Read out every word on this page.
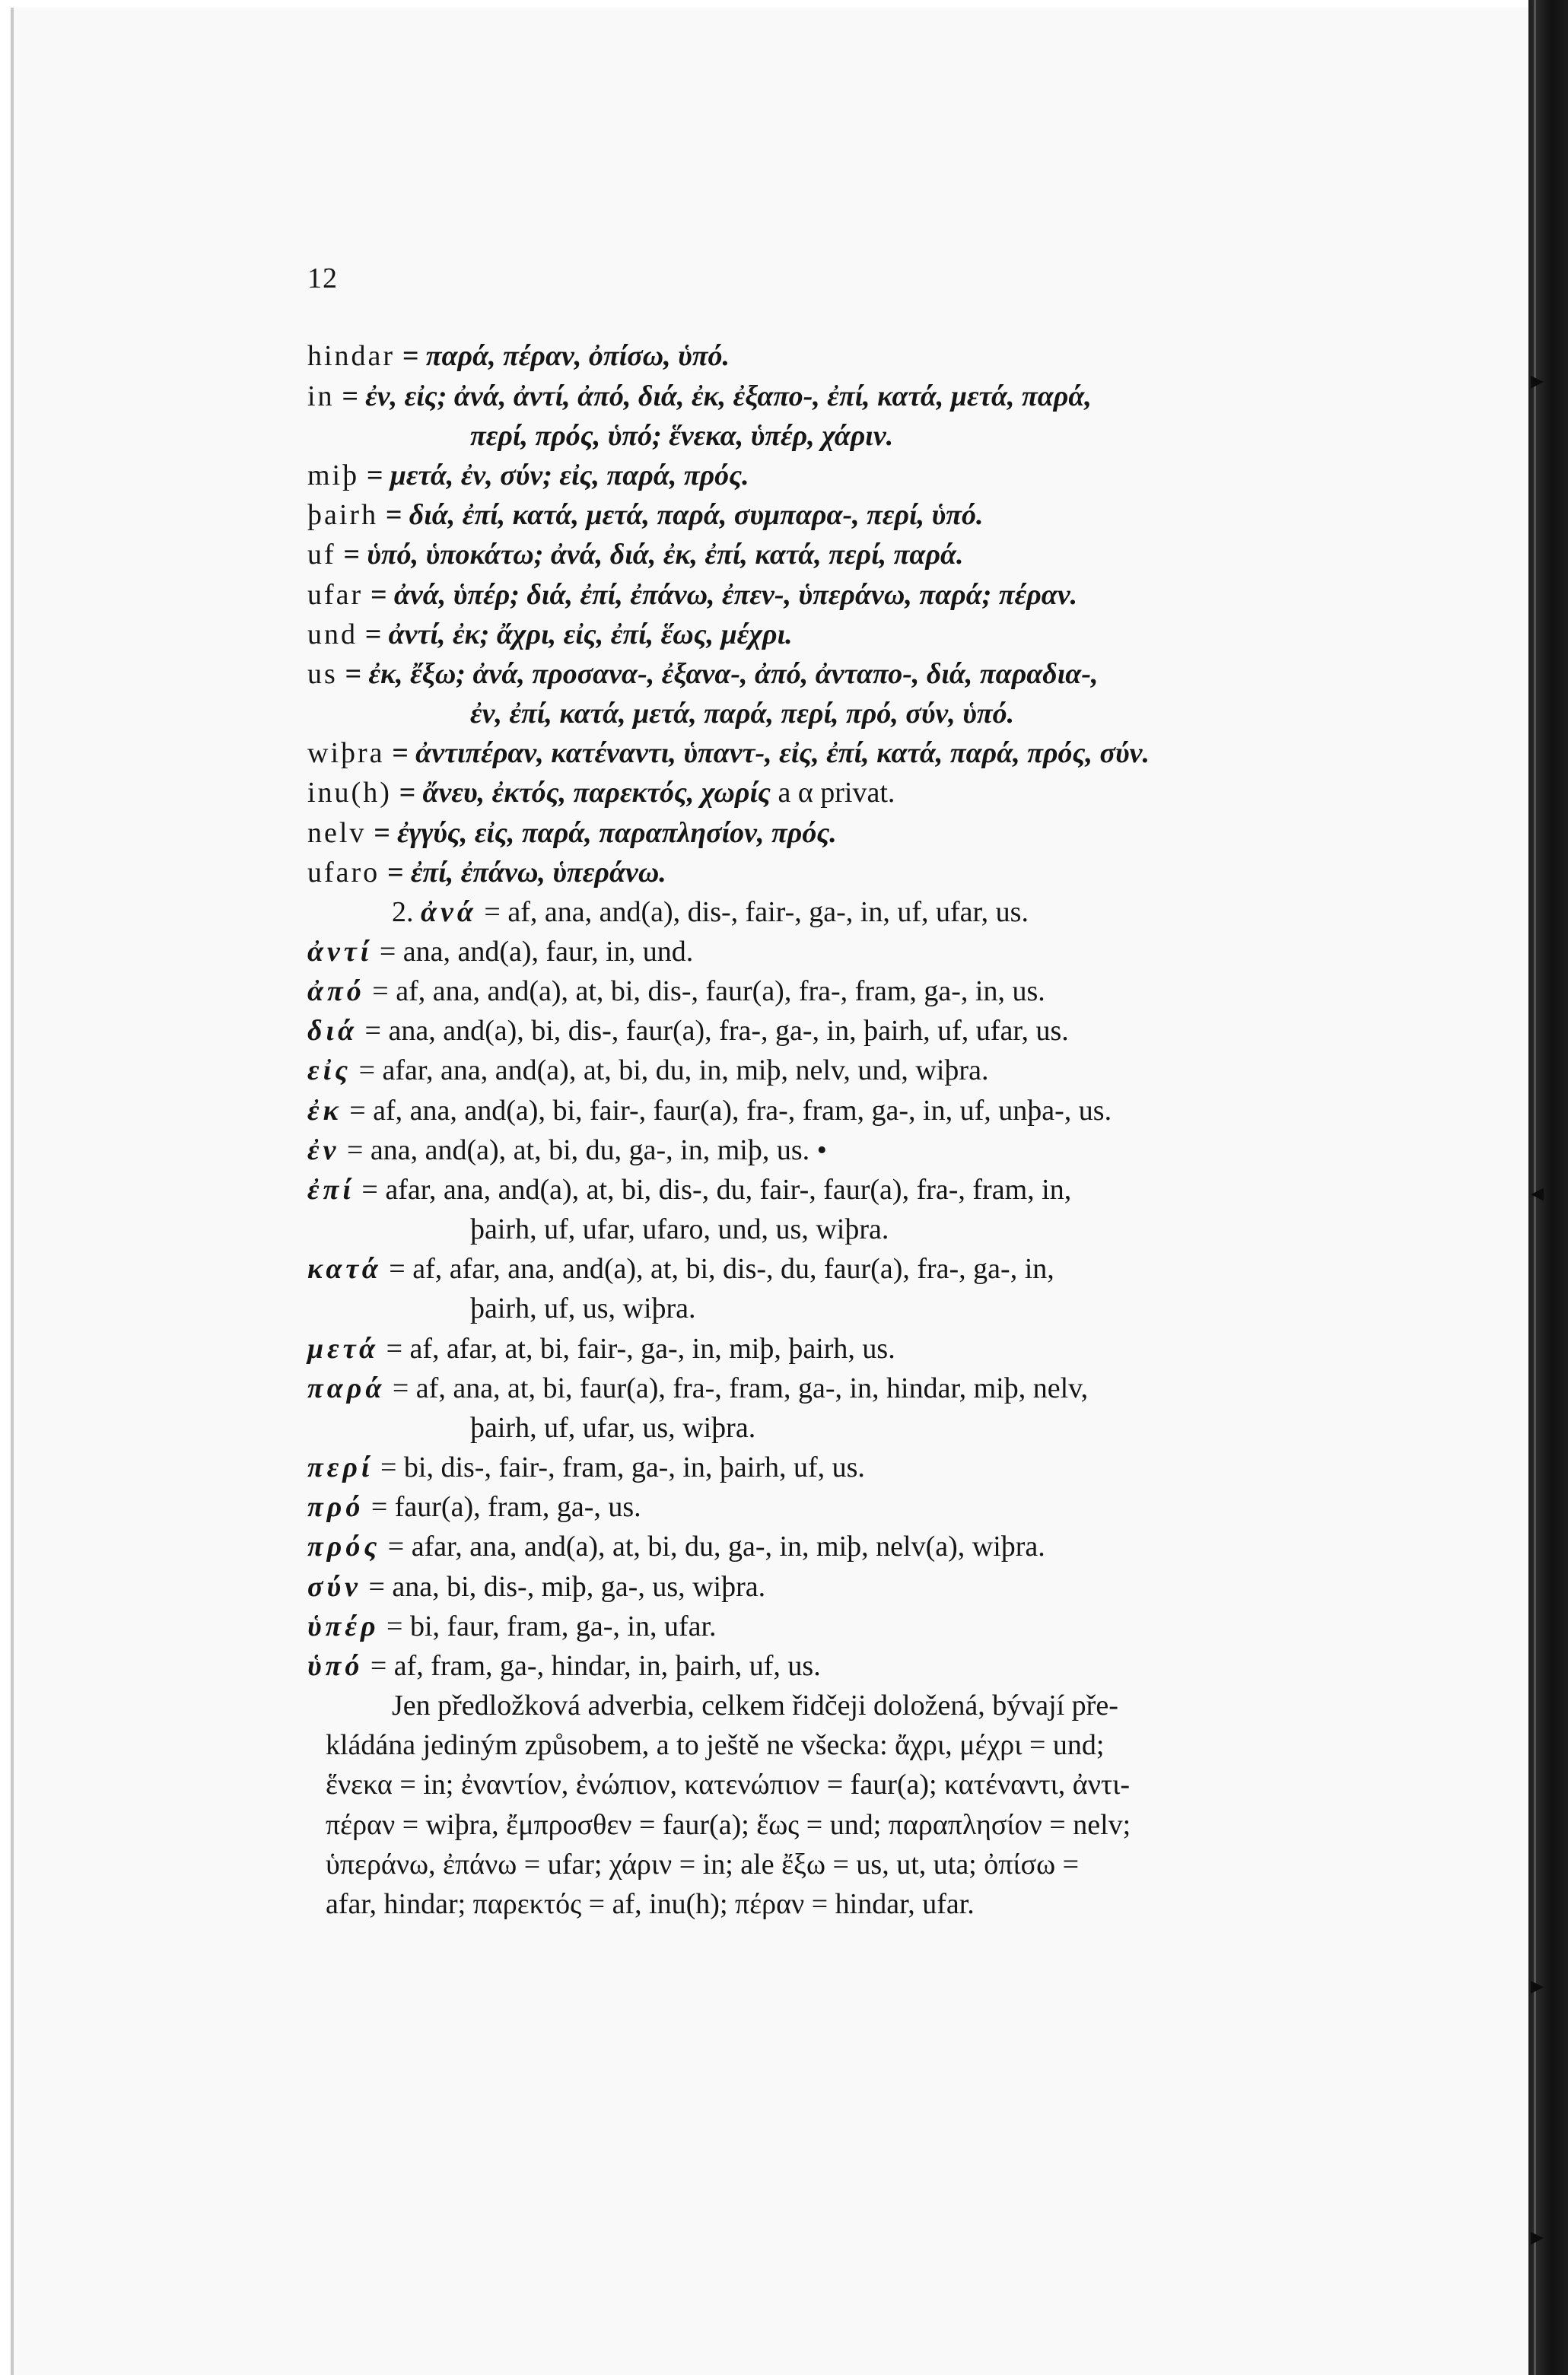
▸
◂
▸
▸
12
hindar = παρά, πέραν, ὀπίσω, ὑπό.
in = ἐν, εἰς; ἀνά, ἀντί, ἀπό, διά, ἐκ, ἐξαπο-, ἐπί, κατά, μετά, παρά,
περί, πρός, ὑπό; ἕνεκα, ὑπέρ, χάριν.
miþ = μετά, ἐν, σύν; εἰς, παρά, πρός.
þairh = διά, ἐπί, κατά, μετά, παρά, συμπαρα-, περί, ὑπό.
uf = ὑπό, ὑποκάτω; ἀνά, διά, ἐκ, ἐπί, κατά, περί, παρά.
ufar = ἀνά, ὑπέρ; διά, ἐπί, ἐπάνω, ἐπεν-, ὑπεράνω, παρά; πέραν.
und = ἀντί, ἐκ; ἄχρι, εἰς, ἐπί, ἕως, μέχρι.
us = ἐκ, ἔξω; ἀνά, προσανα-, ἐξανα-, ἀπό, ἀνταπο-, διά, παραδια-,
ἐν, ἐπί, κατά, μετά, παρά, περί, πρό, σύν, ὑπό.
wiþra = ἀντιπέραν, κατέναντι, ὑπαντ-, εἰς, ἐπί, κατά, παρά, πρός, σύν.
inu(h) = ἄνευ, ἐκτός, παρεκτός, χωρίς a α privat.
nelv = ἐγγύς, εἰς, παρά, παραπλησίον, πρός.
ufaro = ἐπί, ἐπάνω, ὑπεράνω.
2. ἀνά = af, ana, and(a), dis-, fair-, ga-, in, uf, ufar, us.
ἀντί = ana, and(a), faur, in, und.
ἀπό = af, ana, and(a), at, bi, dis-, faur(a), fra-, fram, ga-, in, us.
διά = ana, and(a), bi, dis-, faur(a), fra-, ga-, in, þairh, uf, ufar, us.
εἰς = afar, ana, and(a), at, bi, du, in, miþ, nelv, und, wiþra.
ἐκ = af, ana, and(a), bi, fair-, faur(a), fra-, fram, ga-, in, uf, unþa-, us.
ἐν = ana, and(a), at, bi, du, ga-, in, miþ, us. •
ἐπί = afar, ana, and(a), at, bi, dis-, du, fair-, faur(a), fra-, fram, in,
þairh, uf, ufar, ufaro, und, us, wiþra.
κατά = af, afar, ana, and(a), at, bi, dis-, du, faur(a), fra-, ga-, in,
þairh, uf, us, wiþra.
μετά = af, afar, at, bi, fair-, ga-, in, miþ, þairh, us.
παρά = af, ana, at, bi, faur(a), fra-, fram, ga-, in, hindar, miþ, nelv,
þairh, uf, ufar, us, wiþra.
περί = bi, dis-, fair-, fram, ga-, in, þairh, uf, us.
πρό = faur(a), fram, ga-, us.
πρός = afar, ana, and(a), at, bi, du, ga-, in, miþ, nelv(a), wiþra.
σύν = ana, bi, dis-, miþ, ga-, us, wiþra.
ὑπέρ = bi, faur, fram, ga-, in, ufar.
ὑπό = af, fram, ga-, hindar, in, þairh, uf, us.
Jen předložková adverbia, celkem řidčeji doložená, bývají pře-
kládána jediným způsobem, a to ještě ne všecka: ἄχρι, μέχρι = und;
ἕνεκα = in; ἐναντίον, ἐνώπιον, κατενώπιον = faur(a); κατέναντι, ἀντι-
πέραν = wiþra, ἔμπροσθεν = faur(a); ἕως = und; παραπλησίον = nelv;
ὑπεράνω, ἐπάνω = ufar; χάριν = in; ale ἔξω = us, ut, uta; ὀπίσω =
afar, hindar; παρεκτός = af, inu(h); πέραν = hindar, ufar.
